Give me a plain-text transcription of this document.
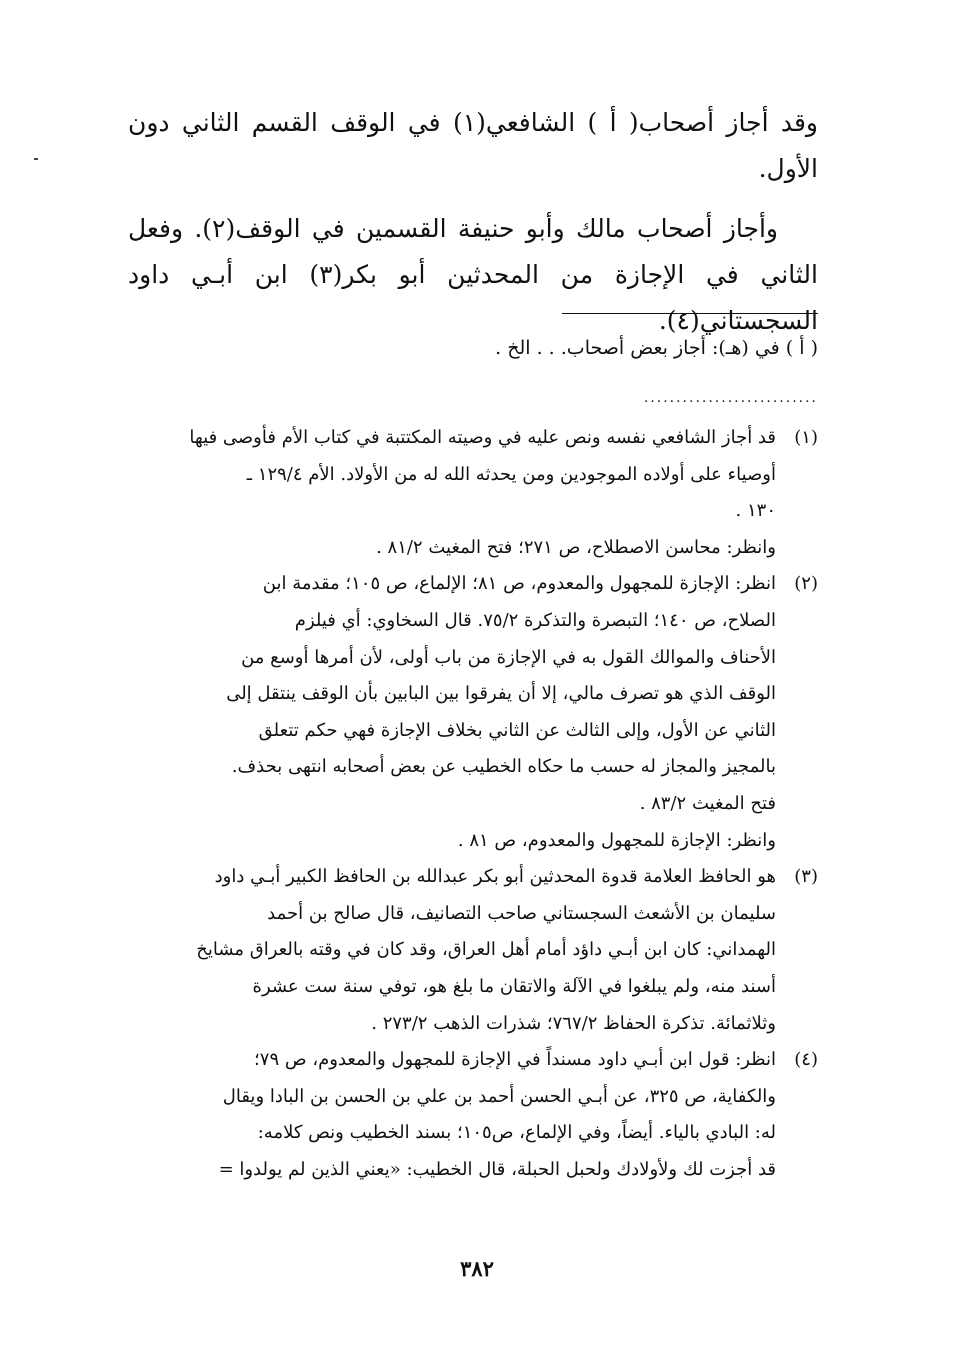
وقد أجاز أصحاب( أ ) الشافعي(١) في الوقف القسم الثاني دون الأول.

وأجاز أصحاب مالك وأبو حنيفة القسمين في الوقف(٢). وفعل الثاني في الإجازة من المحدثين أبو بكر(٣) ابن أبـي داود السجستاني(٤).

( أ ) في (هـ): أجاز بعض أصحاب. . . الخ .
...........................
(١)
قد أجاز الشافعي نفسه ونص عليه في وصيته المكتتبة في كتاب الأم فأوصى فيها
أوصياء على أولاده الموجودين ومن يحدثه الله له من الأولاد. الأم ١٢٩/٤ ـ
١٣٠ .
وانظر: محاسن الاصطلاح، ص ٢٧١؛ فتح المغيث ٨١/٢ .
(٢)
انظر: الإجازة للمجهول والمعدوم، ص ٨١؛ الإلماع، ص ١٠٥؛ مقدمة ابن
الصلاح، ص ١٤٠؛ التبصرة والتذكرة ٧٥/٢. قال السخاوي: أي فيلزم
الأحناف والموالك القول به في الإجازة من باب أولى، لأن أمرها أوسع من
الوقف الذي هو تصرف مالي، إلا أن يفرقوا بين البابين بأن الوقف ينتقل إلى
الثاني عن الأول، وإلى الثالث عن الثاني بخلاف الإجازة فهي حكم تتعلق
بالمجيز والمجاز له حسب ما حكاه الخطيب عن بعض أصحابه انتهى بحذف.
فتح المغيث ٨٣/٢ .
وانظر: الإجازة للمجهول والمعدوم، ص ٨١ .
(٣)
هو الحافظ العلامة قدوة المحدثين أبو بكر عبدالله بن الحافظ الكبير أبـي داود
سليمان بن الأشعث السجستاني صاحب التصانيف، قال صالح بن أحمد
الهمداني: كان ابن أبـي داؤد أمام أهل العراق، وقد كان في وقته بالعراق مشايخ
أسند منه، ولم يبلغوا في الآلة والاتقان ما بلغ هو، توفي سنة ست عشرة
وثلاثمائة. تذكرة الحفاظ ٧٦٧/٢؛ شذرات الذهب ٢٧٣/٢ .
(٤)
انظر: قول ابن أبـي داود مسنداً في الإجازة للمجهول والمعدوم، ص ٧٩؛
والكفاية، ص ٣٢٥، عن أبـي الحسن أحمد بن علي بن الحسن بن البادا ويقال
له: البادي بالياء. أيضاً، وفي الإلماع، ص١٠٥؛ بسند الخطيب ونص كلامه:
قد أجزت لك ولأولادك ولحبل الحبلة، قال الخطيب: «يعني الذين لم يولدوا =
٣٨٢
